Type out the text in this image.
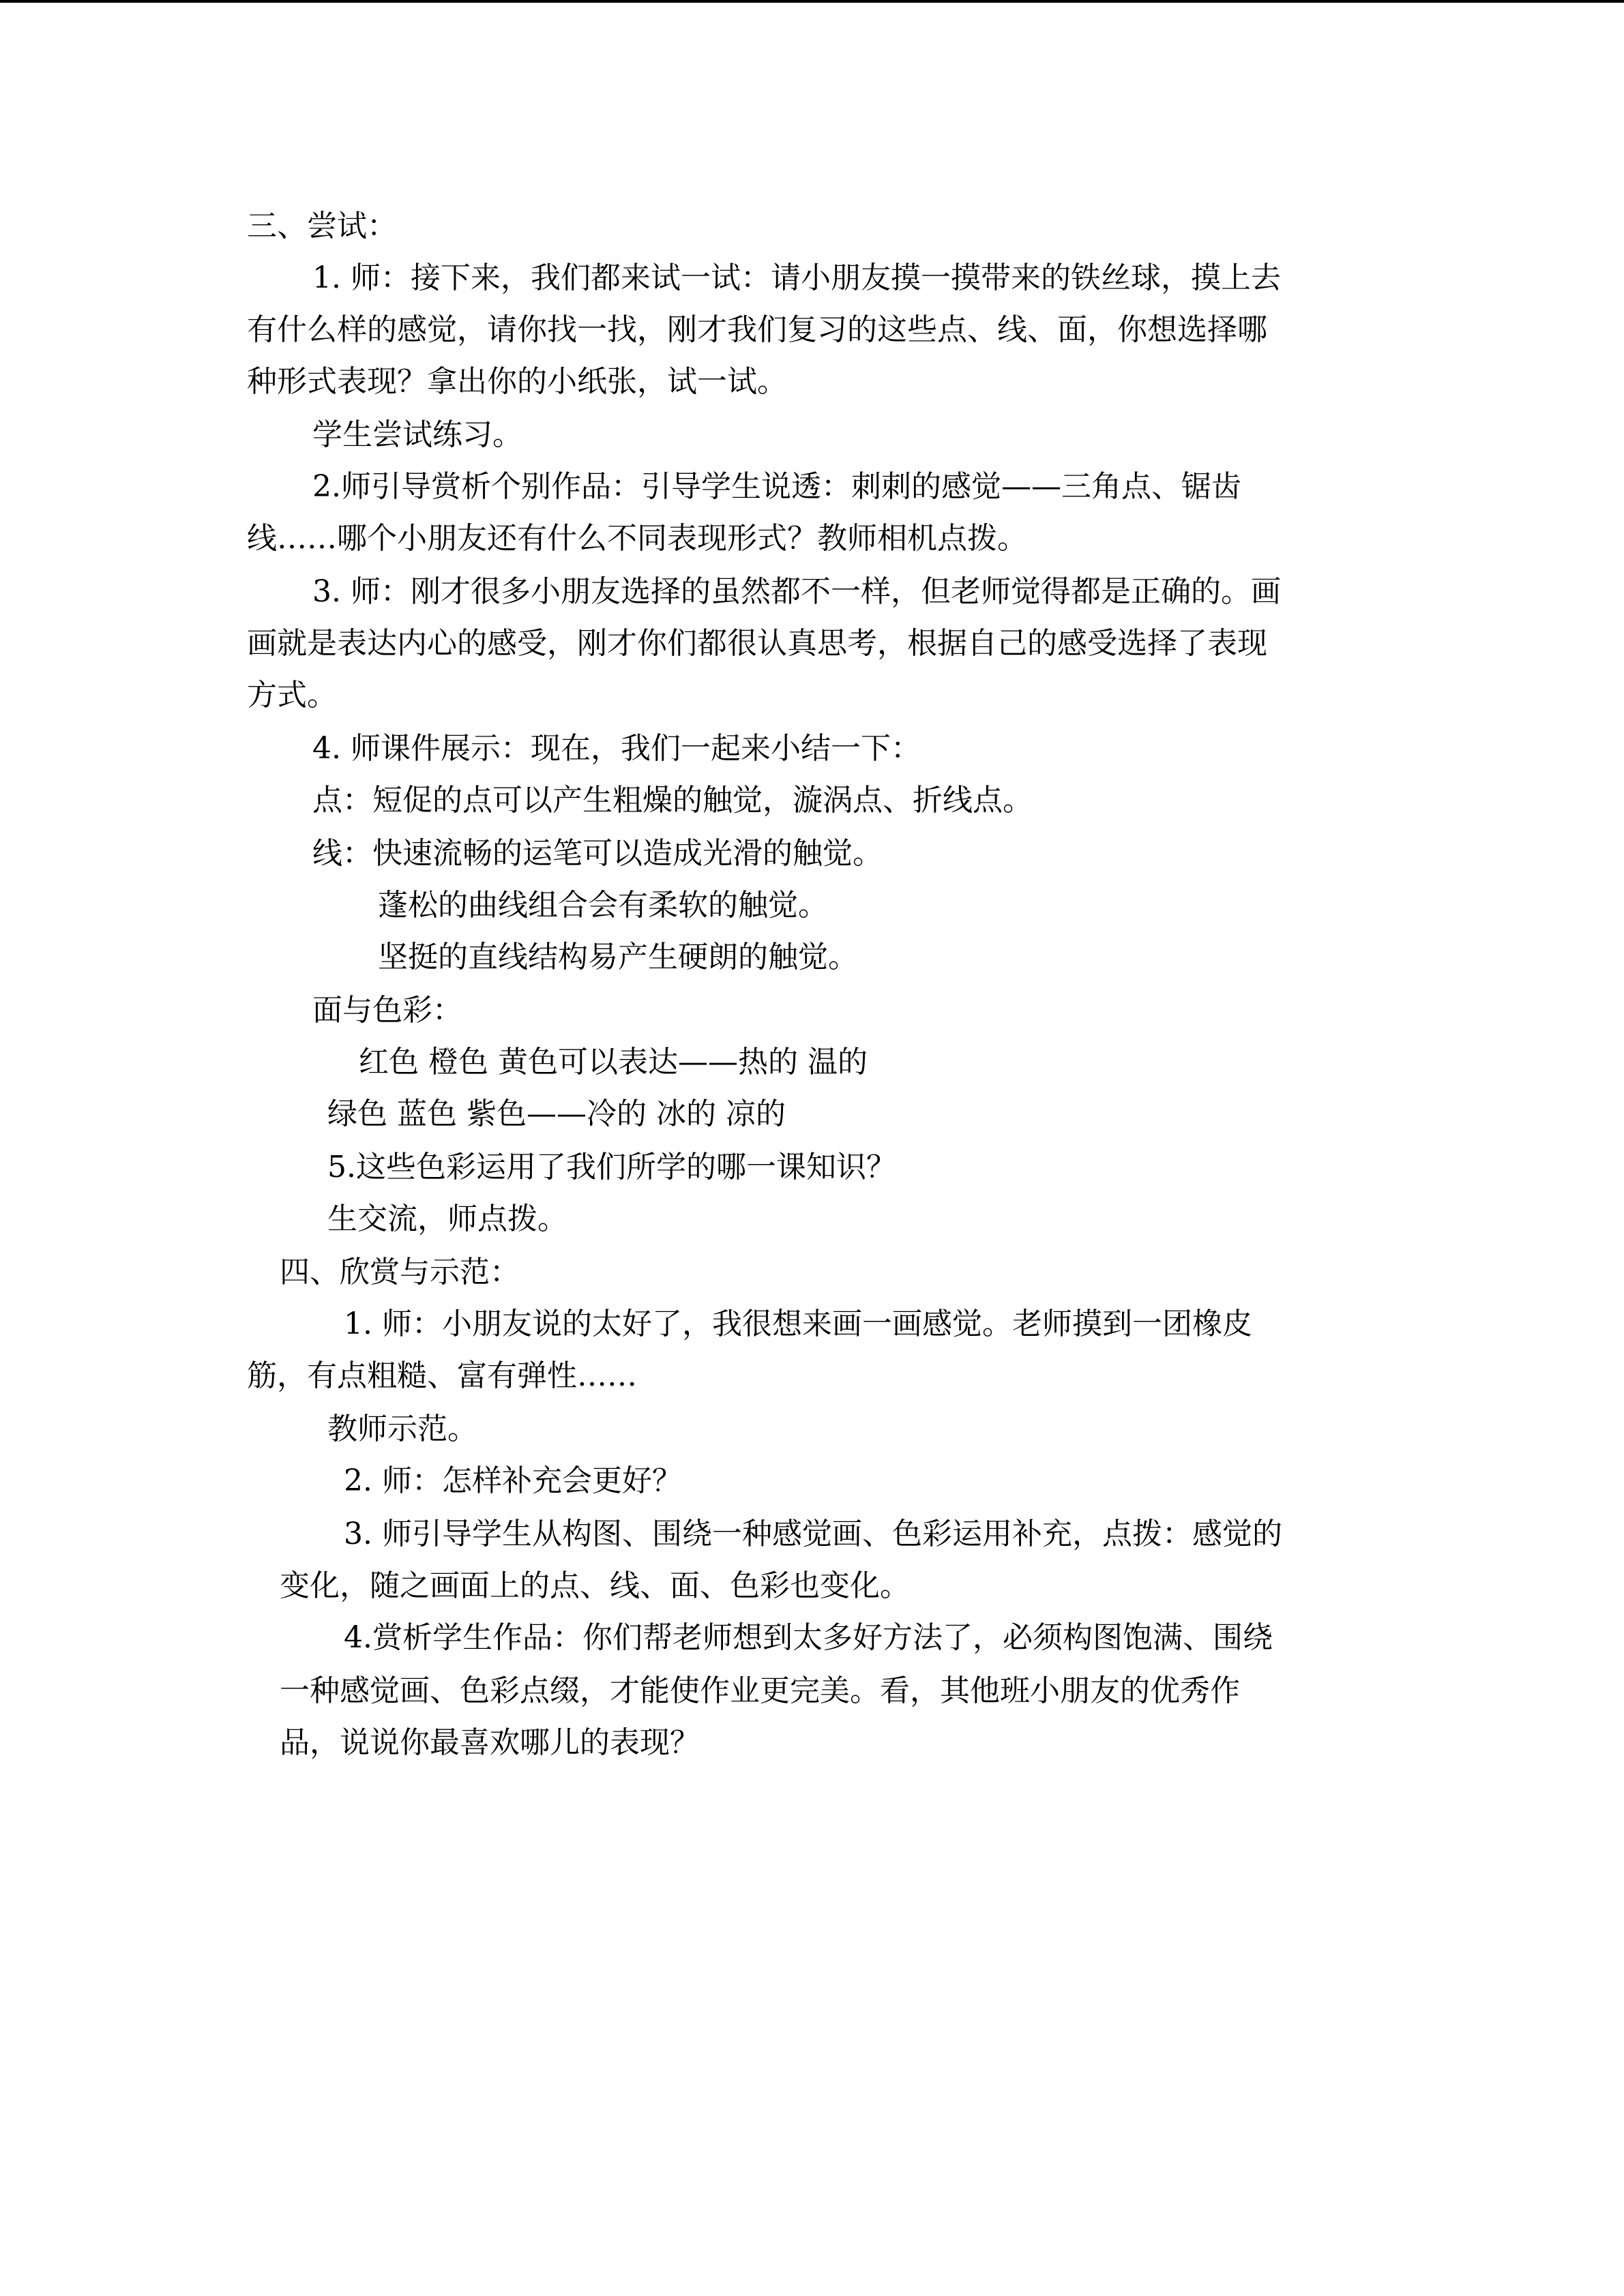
三、尝试：
1. 师：接下来，我们都来试一试：请小朋友摸一摸带来的铁丝球，摸上去
有什么样的感觉，请你找一找，刚才我们复习的这些点、线、面，你想选择哪
种形式表现？拿出你的小纸张，试一试。
学生尝试练习。
2.师引导赏析个别作品：引导学生说透：刺刺的感觉——三角点、锯齿
线……哪个小朋友还有什么不同表现形式？教师相机点拨。
3. 师：刚才很多小朋友选择的虽然都不一样，但老师觉得都是正确的。画
画就是表达内心的感受，刚才你们都很认真思考，根据自己的感受选择了表现
方式。
4. 师课件展示：现在，我们一起来小结一下：
点：短促的点可以产生粗燥的触觉，漩涡点、折线点。
线：快速流畅的运笔可以造成光滑的触觉。
蓬松的曲线组合会有柔软的触觉。
坚挺的直线结构易产生硬朗的触觉。
面与色彩：
红色 橙色 黄色可以表达——热的 温的
绿色 蓝色 紫色——冷的 冰的 凉的
5.这些色彩运用了我们所学的哪一课知识？
生交流，师点拨。
四、欣赏与示范：
1. 师：小朋友说的太好了，我很想来画一画感觉。老师摸到一团橡皮
筋，有点粗糙、富有弹性……
教师示范。
2. 师：怎样补充会更好？
3. 师引导学生从构图、围绕一种感觉画、色彩运用补充，点拨：感觉的
变化，随之画面上的点、线、面、色彩也变化。
4.赏析学生作品：你们帮老师想到太多好方法了，必须构图饱满、围绕
一种感觉画、色彩点缀，才能使作业更完美。看，其他班小朋友的优秀作
品，说说你最喜欢哪儿的表现？
